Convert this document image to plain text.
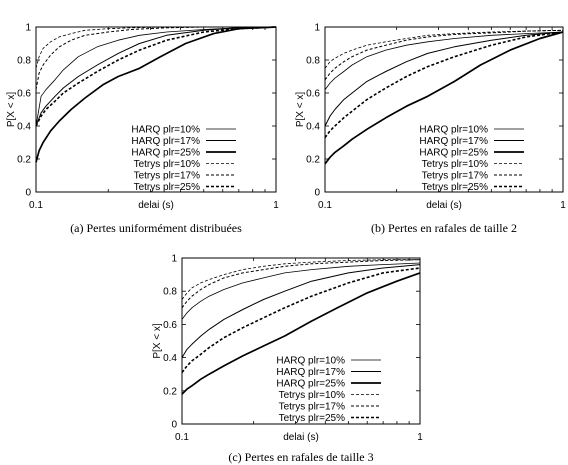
0
0.2
0.4
0.6
0.8
1
0.1	1
delai (s)
P[X < x]
HARQ plr=10%
HARQ plr=17%
HARQ plr=25%
Tetrys plr=10%
Tetrys plr=17%
Tetrys plr=25%
(a) Pertes uniformément distribuées
0
0.2
0.4
0.6
0.8
1
0.1	1
delai (s)
P[X < x]
HARQ plr=10%
HARQ plr=17%
HARQ plr=25%
Tetrys plr=10%
Tetrys plr=17%
Tetrys plr=25%
(b) Pertes en rafales de taille 2
0
0.2
0.4
0.6
0.8
1
0.1	1
delai (s)
P[X < x]
HARQ plr=10%
HARQ plr=17%
HARQ plr=25%
Tetrys plr=10%
Tetrys plr=17%
Tetrys plr=25%
(c) Pertes en rafales de taille 3
